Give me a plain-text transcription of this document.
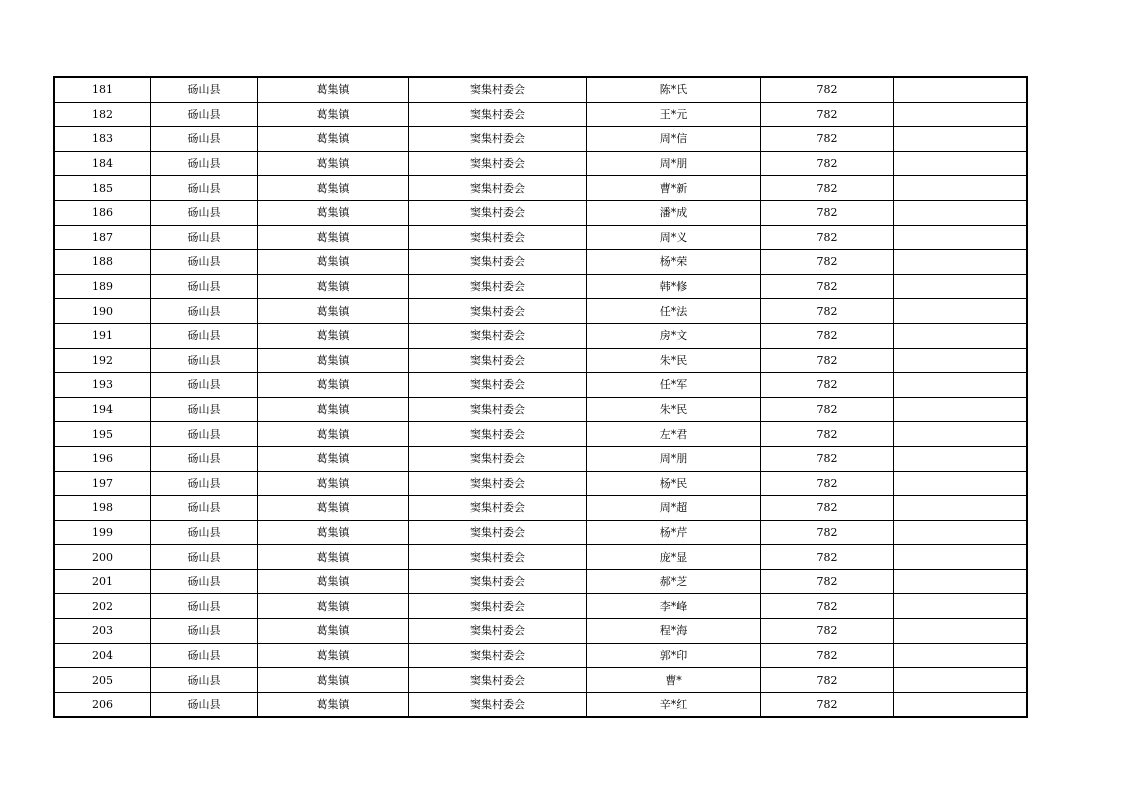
181	砀山县	葛集镇	窦集村委会	陈*氏	782	
182	砀山县	葛集镇	窦集村委会	王*元	782	
183	砀山县	葛集镇	窦集村委会	周*信	782	
184	砀山县	葛集镇	窦集村委会	周*朋	782	
185	砀山县	葛集镇	窦集村委会	曹*新	782	
186	砀山县	葛集镇	窦集村委会	潘*成	782	
187	砀山县	葛集镇	窦集村委会	周*义	782	
188	砀山县	葛集镇	窦集村委会	杨*荣	782	
189	砀山县	葛集镇	窦集村委会	韩*修	782	
190	砀山县	葛集镇	窦集村委会	任*法	782	
191	砀山县	葛集镇	窦集村委会	房*文	782	
192	砀山县	葛集镇	窦集村委会	朱*民	782	
193	砀山县	葛集镇	窦集村委会	任*军	782	
194	砀山县	葛集镇	窦集村委会	朱*民	782	
195	砀山县	葛集镇	窦集村委会	左*君	782	
196	砀山县	葛集镇	窦集村委会	周*朋	782	
197	砀山县	葛集镇	窦集村委会	杨*民	782	
198	砀山县	葛集镇	窦集村委会	周*超	782	
199	砀山县	葛集镇	窦集村委会	杨*芹	782	
200	砀山县	葛集镇	窦集村委会	庞*显	782	
201	砀山县	葛集镇	窦集村委会	郝*芝	782	
202	砀山县	葛集镇	窦集村委会	李*峰	782	
203	砀山县	葛集镇	窦集村委会	程*海	782	
204	砀山县	葛集镇	窦集村委会	郭*印	782	
205	砀山县	葛集镇	窦集村委会	曹*	782	
206	砀山县	葛集镇	窦集村委会	辛*红	782	
